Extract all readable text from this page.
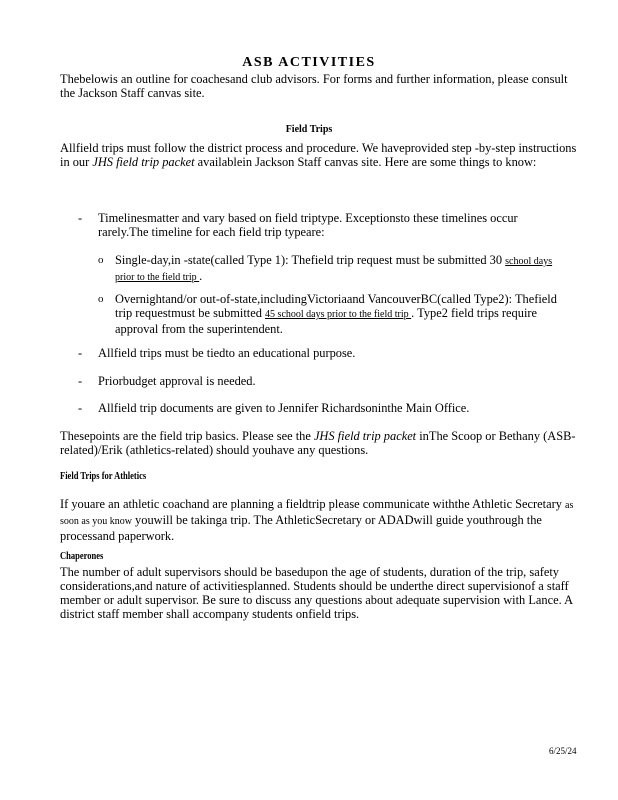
ASB ACTIVITIES
Thebelowis an outline for coachesand club advisors. For forms and further information, please consult the Jackson Staff canvas site.
Field Trips
Allfield trips must follow the district process and procedure. We haveprovided step -by-step instructions in our JHS field trip packet availablein Jackson Staff canvas site. Here are some things to know:
- Timelinesmatter and vary based on field triptype. Exceptionsto these timelines occur rarely.The timeline for each field trip typeare:
o Single-day,in -state(called Type 1): Thefield trip request must be submitted 30 school days prior to the field trip .
o Overnightand/or out-of-state,includingVictoriaand VancouverBC(called Type2): Thefield trip requestmust be submitted 45 school days prior to the field trip . Type2 field trips require approval from the superintendent.
- Allfield trips must be tiedto an educational purpose.
- Priorbudget approval is needed.
- Allfield trip documents are given to Jennifer Richardsoninthe Main Office.
Thesepoints are the field trip basics. Please see the JHS field trip packet inThe Scoop or Bethany (ASB- related)/Erik (athletics-related) should youhave any questions.
Field Trips for Athletics
If youare an athletic coachand are planning a fieldtrip please communicate withthe Athletic Secretary as soon as you know youwill be takinga trip. The AthleticSecretary or ADADwill guide youthrough the processand paperwork.
Chaperones
The number of adult supervisors should be basedupon the age of students, duration of the trip, safety considerations,and nature of activitiesplanned. Students should be underthe direct supervisionof a staff member or adult supervisor. Be sure to discuss any questions about adequate supervision with Lance. A district staff member shall accompany students onfield trips.
6/25/24
